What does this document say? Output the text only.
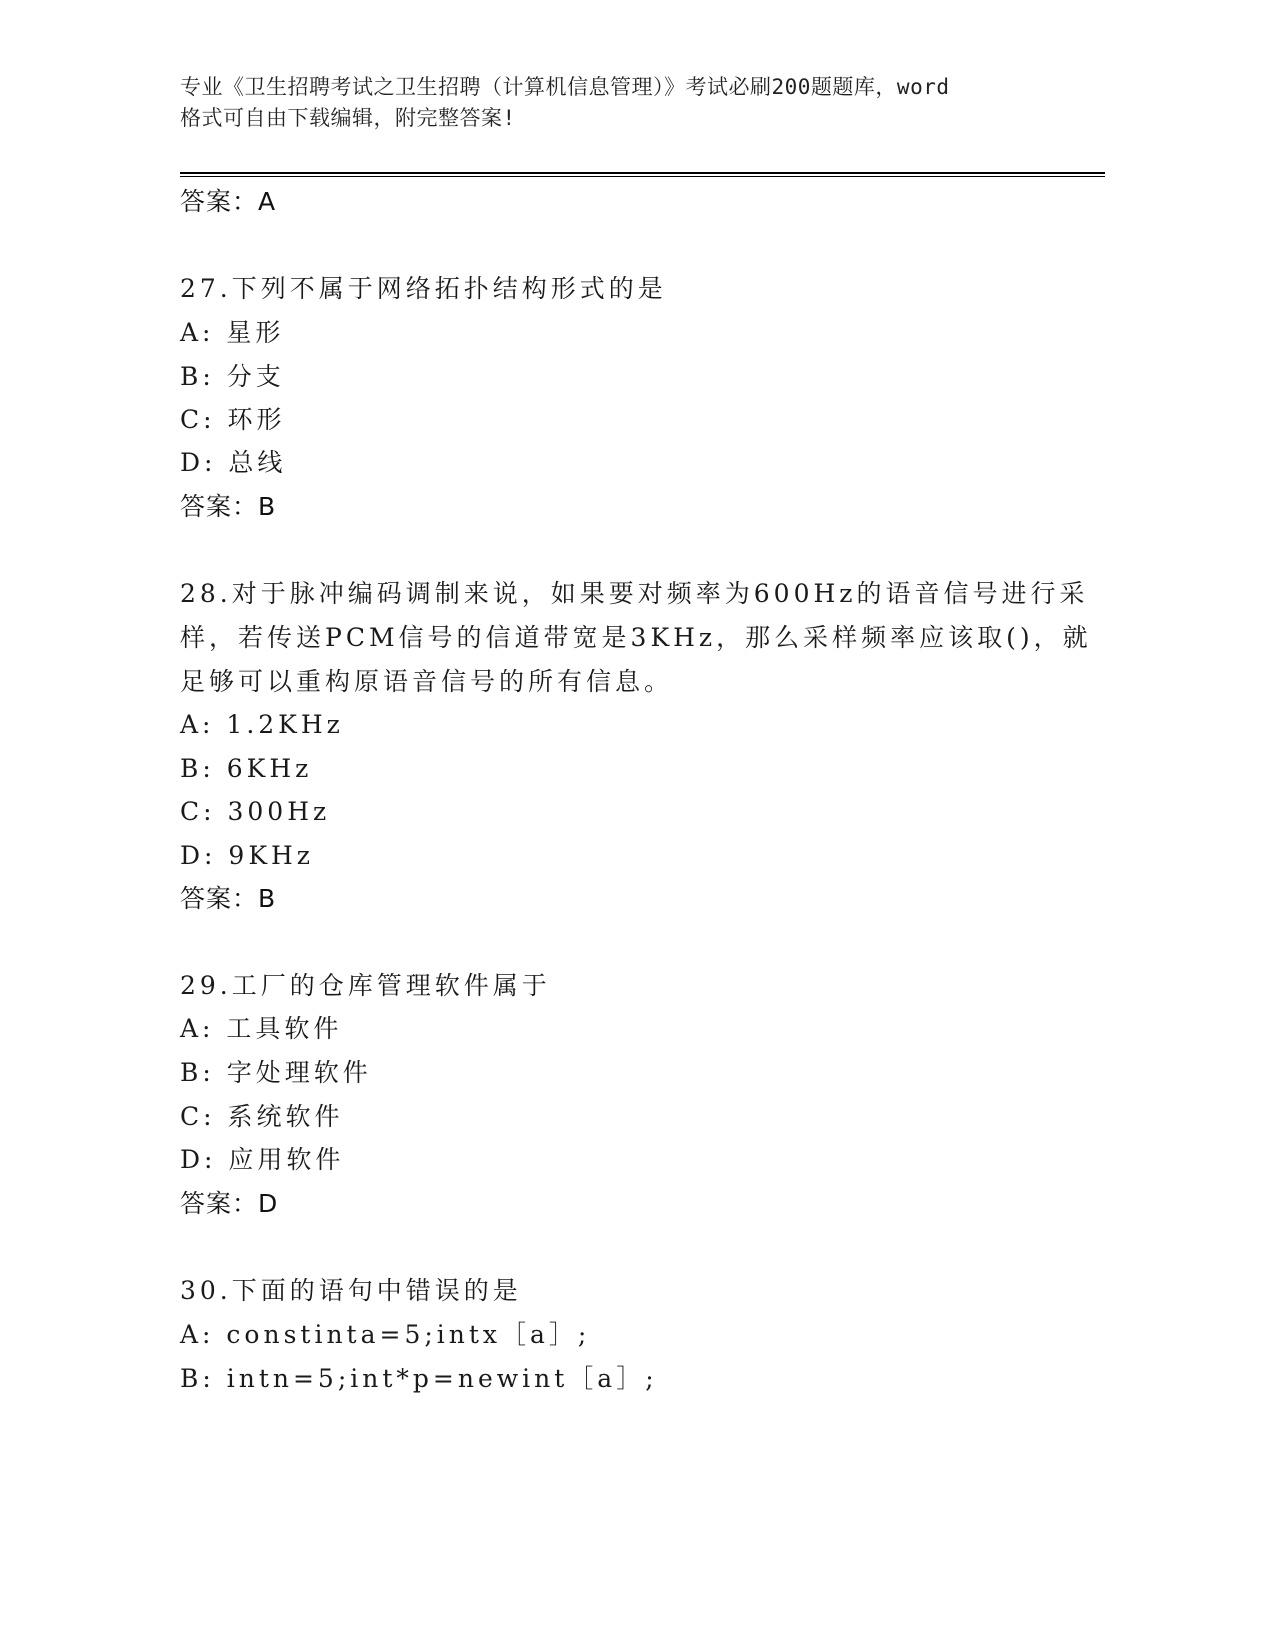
专业《卫生招聘考试之卫生招聘（计算机信息管理）》考试必刷200题题库，word
格式可自由下载编辑，附完整答案!
答案：A
27.下列不属于网络拓扑结构形式的是
A: 星形
B: 分支
C: 环形
D: 总线
答案：B
28.对于脉冲编码调制来说，如果要对频率为600Hz的语音信号进行采
样，若传送PCM信号的信道带宽是3KHz，那么采样频率应该取()，就
足够可以重构原语音信号的所有信息。
A: 1.2KHz
B: 6KHz
C: 300Hz
D: 9KHz
答案：B
29.工厂的仓库管理软件属于
A: 工具软件
B: 字处理软件
C: 系统软件
D: 应用软件
答案：D
30.下面的语句中错误的是
A: constinta=5;intx［a］;
B: intn=5;int*p=newint［a］;
